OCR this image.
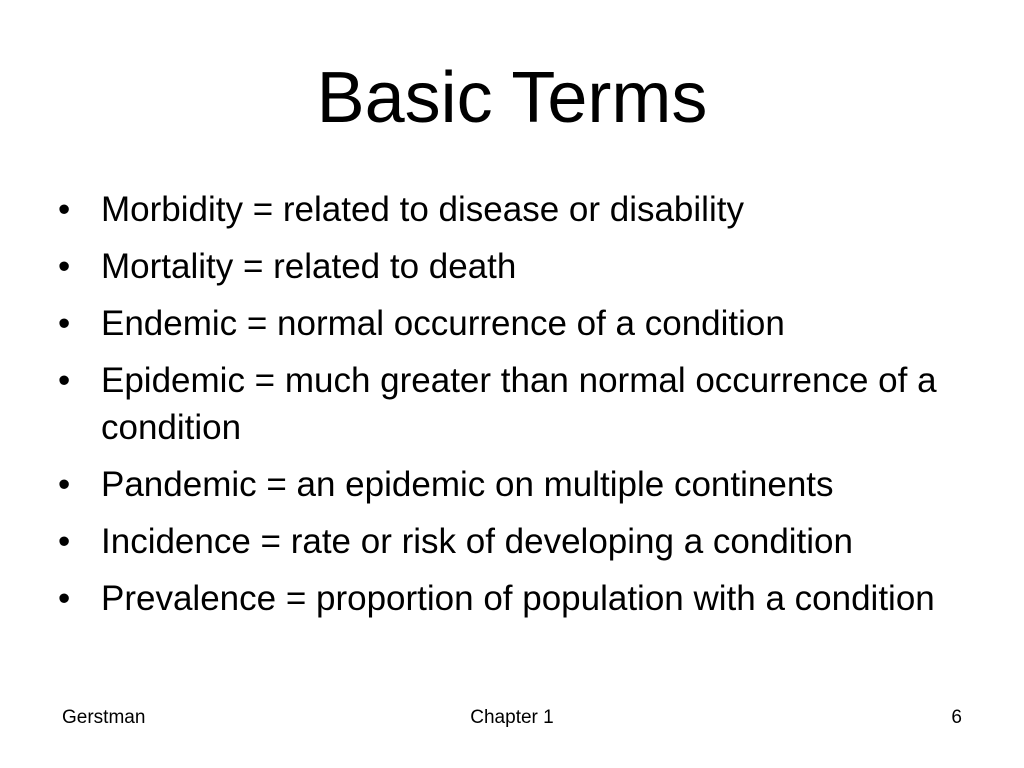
Basic Terms
• Morbidity = related to disease or disability
• Mortality = related to death
• Endemic = normal occurrence of a condition
• Epidemic = much greater than normal occurrence of a condition
• Pandemic = an epidemic on multiple continents
• Incidence = rate or risk of developing a condition
• Prevalence = proportion of population with a condition
Gerstman	Chapter 1	6
